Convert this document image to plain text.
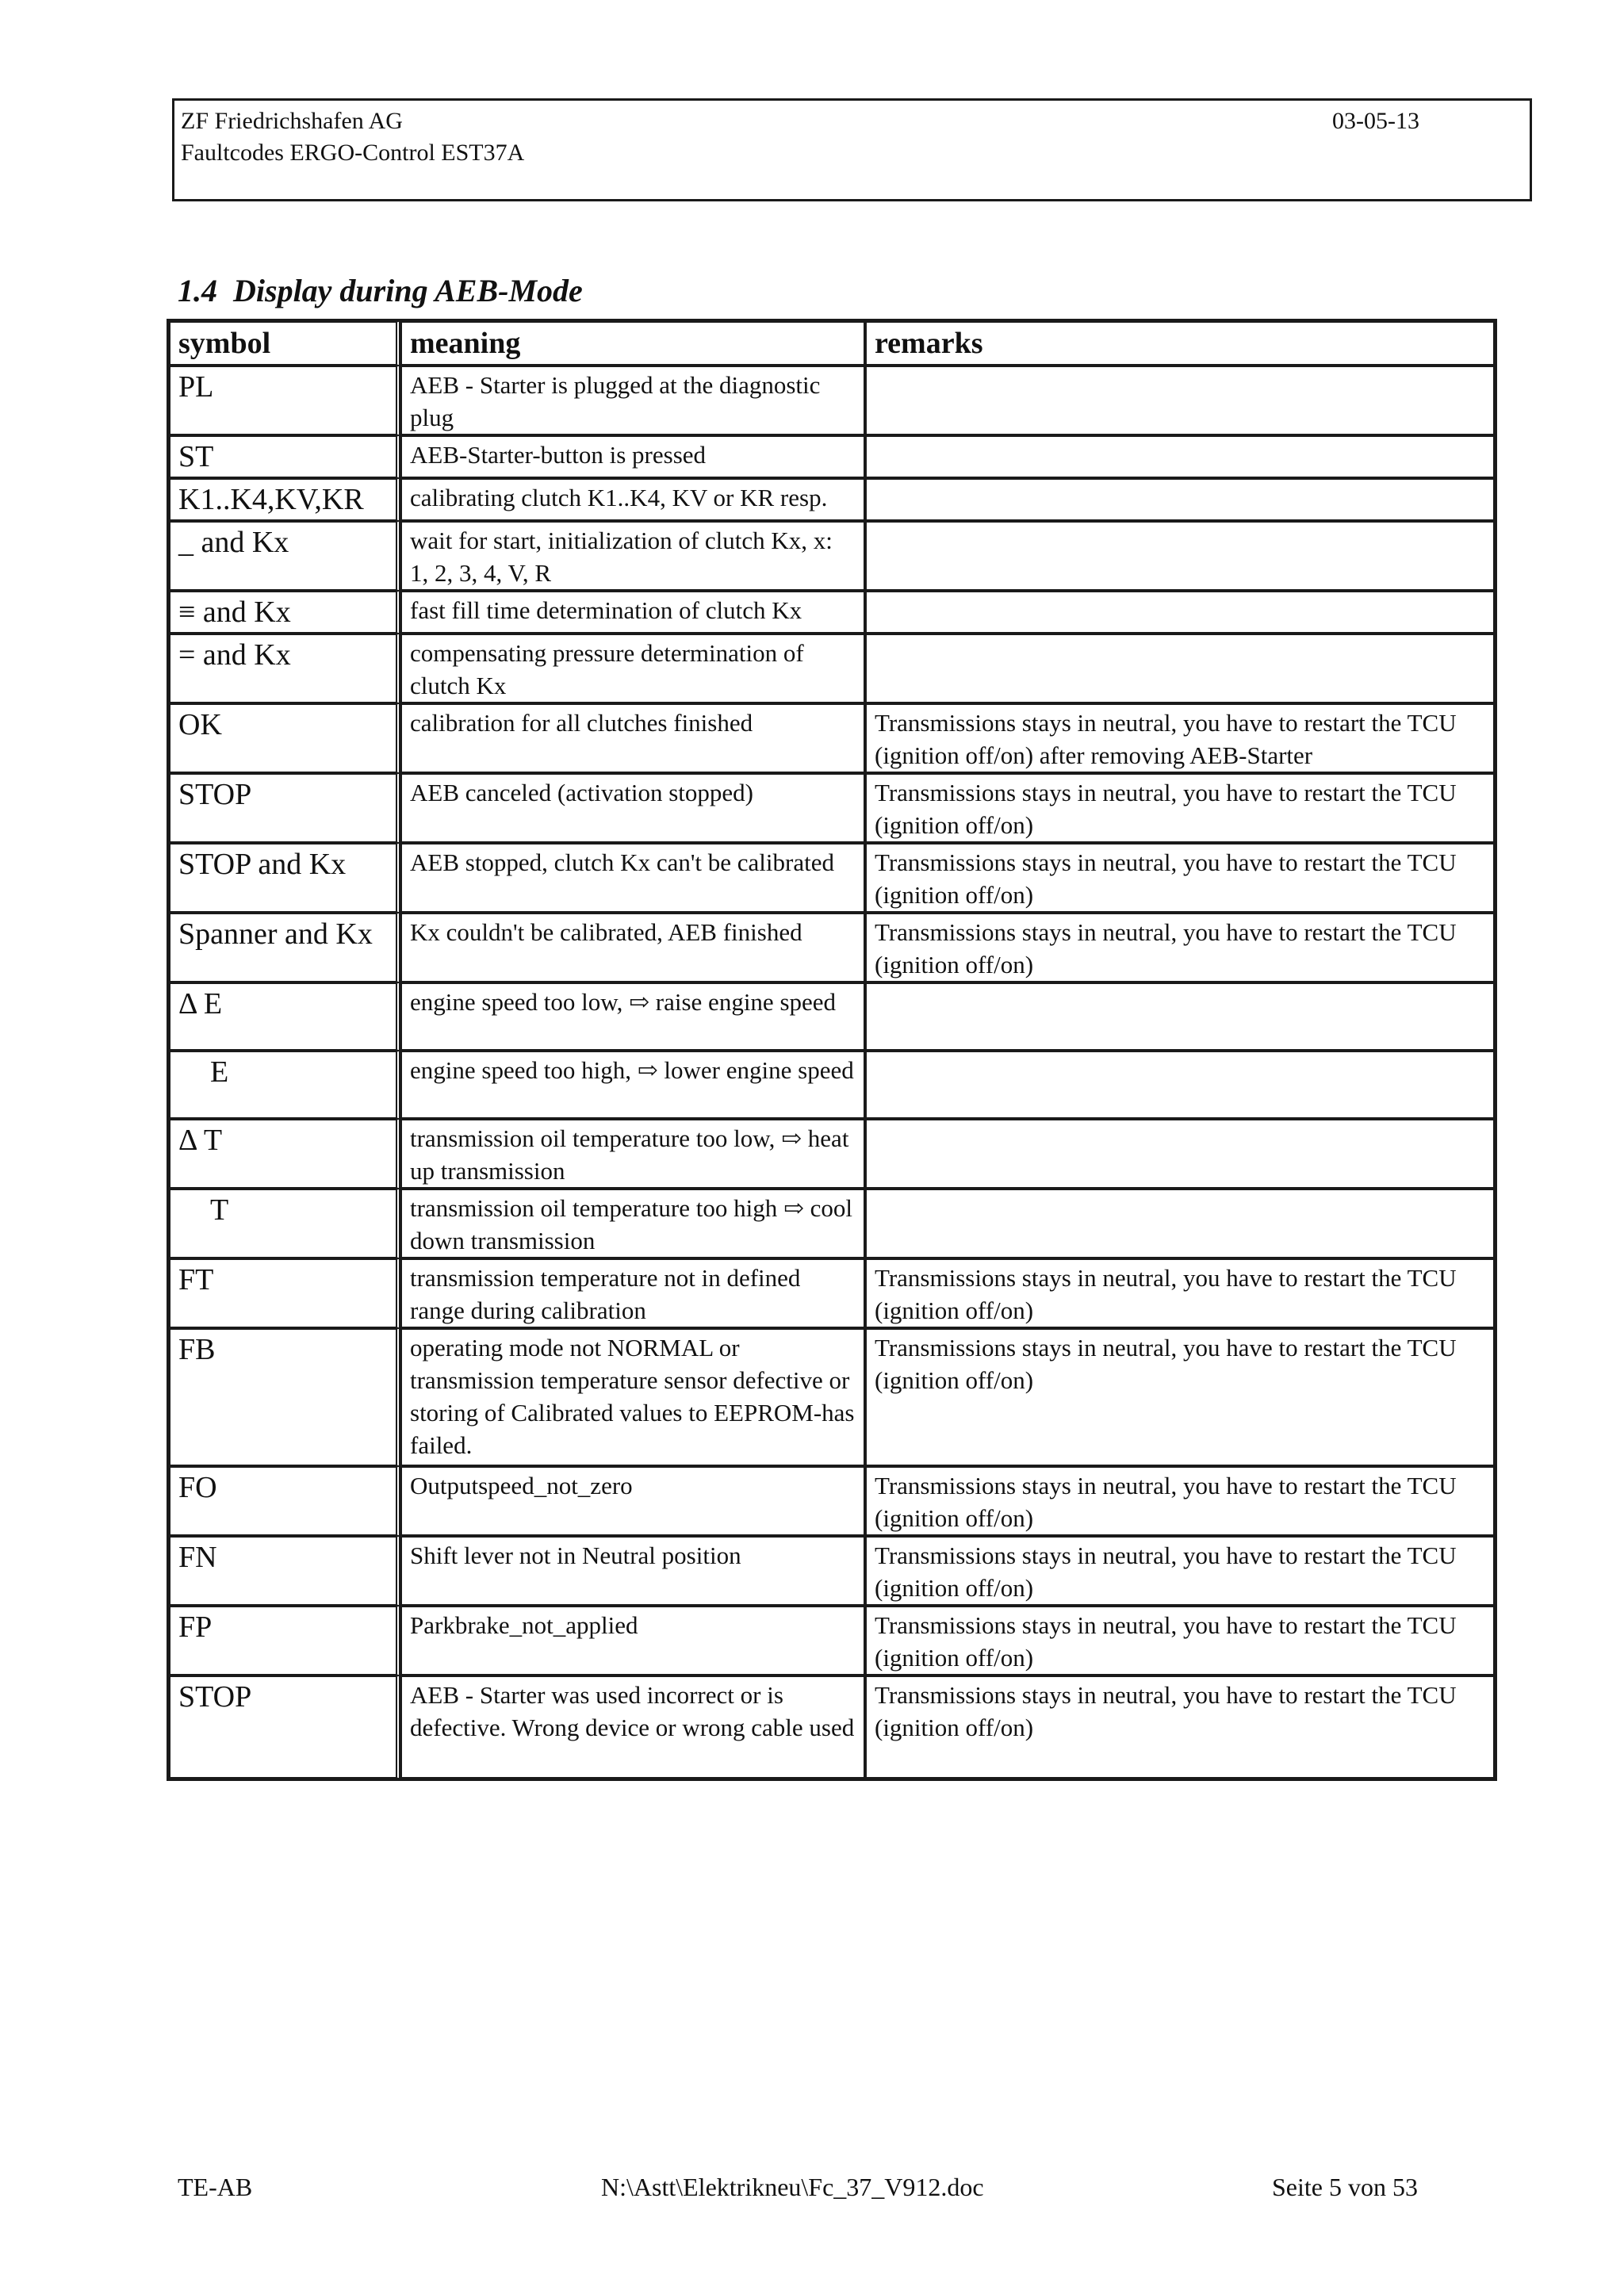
ZF Friedrichshafen AG
Faultcodes ERGO-Control EST37A
03-05-13
1.4 Display during AEB-Mode
symbol	meaning	remarks
PL	AEB - Starter is plugged at the diagnostic plug	
ST	AEB-Starter-button is pressed	
K1..K4,KV,KR	calibrating clutch K1..K4, KV or KR resp.	
_ and Kx	wait for start, initialization of clutch Kx, x: 1, 2, 3, 4, V, R	
≡ and Kx	fast fill time determination of clutch Kx	
= and Kx	compensating pressure determination of clutch Kx	
OK	calibration for all clutches finished	Transmissions stays in neutral, you have to restart the TCU (ignition off/on) after removing AEB-Starter
STOP	AEB canceled (activation stopped)	Transmissions stays in neutral, you have to restart the TCU (ignition off/on)
STOP and Kx	AEB stopped, clutch Kx can't be calibrated	Transmissions stays in neutral, you have to restart the TCU (ignition off/on)
Spanner and Kx	Kx couldn't be calibrated, AEB finished	Transmissions stays in neutral, you have to restart the TCU (ignition off/on)
Δ E	engine speed too low, ⇨ raise engine speed	
E	engine speed too high, ⇨ lower engine speed	
Δ T	transmission oil temperature too low, ⇨ heat up transmission	
T	transmission oil temperature too high ⇨ cool down transmission	
FT	transmission temperature not in defined range during calibration	Transmissions stays in neutral, you have to restart the TCU (ignition off/on)
FB	operating mode not NORMAL or transmission temperature sensor defective or storing of Calibrated values to EEPROM-has failed.	Transmissions stays in neutral, you have to restart the TCU (ignition off/on)
FO	Outputspeed_not_zero	Transmissions stays in neutral, you have to restart the TCU (ignition off/on)
FN	Shift lever not in Neutral position	Transmissions stays in neutral, you have to restart the TCU (ignition off/on)
FP	Parkbrake_not_applied	Transmissions stays in neutral, you have to restart the TCU (ignition off/on)
STOP	AEB - Starter was used incorrect or is defective. Wrong device or wrong cable used	Transmissions stays in neutral, you have to restart the TCU (ignition off/on)
TE-AB	N:\Astt\Elektrikneu\Fc_37_V912.doc	Seite 5 von 53
